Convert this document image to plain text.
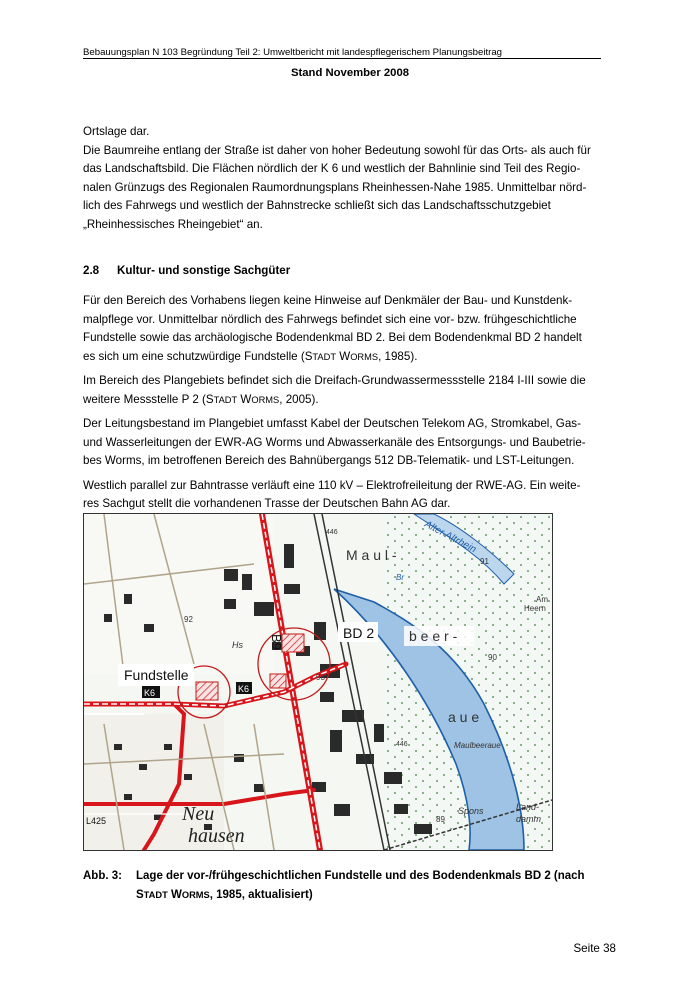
Bebauungsplan N 103 Begründung Teil 2: Umweltbericht mit landespflegerischem Planungsbeitrag
Stand November 2008
Ortslage dar.
Die Baumreihe entlang der Straße ist daher von hoher Bedeutung sowohl für das Orts- als auch für
das Landschaftsbild. Die Flächen nördlich der K 6 und westlich der Bahnlinie sind Teil des Regio-
nalen Grünzugs des Regionalen Raumordnungsplans Rheinhessen-Nahe 1985. Unmittelbar nörd-
lich des Fahrwegs und westlich der Bahnstrecke schließt sich das Landschaftsschutzgebiet
„Rheinhessisches Rheingebiet“ an.
2.8 Kultur- und sonstige Sachgüter
Für den Bereich des Vorhabens liegen keine Hinweise auf Denkmäler der Bau- und Kunstdenk-
malpflege vor. Unmittelbar nördlich des Fahrwegs befindet sich eine vor- bzw. frühgeschichtliche
Fundstelle sowie das archäologische Bodendenkmal BD 2. Bei dem Bodendenkmal BD 2 handelt
es sich um eine schutzwürdige Fundstelle (STADT WORMS, 1985).
Im Bereich des Plangebiets befindet sich die Dreifach-Grundwassermessstelle 2184 I-III sowie die
weitere Messstelle P 2 (STADT WORMS, 2005).
Der Leitungsbestand im Plangebiet umfasst Kabel der Deutschen Telekom AG, Stromkabel, Gas-
und Wasserleitungen der EWR-AG Worms und Abwasserkanäle des Entsorgungs- und Baubetrie-
bes Worms, im betroffenen Bereich des Bahnübergangs 512 DB-Telematik- und LST-Leitungen.
Westlich parallel zur Bahntrasse verläuft eine 110 kV – Elektrofreileitung der RWE-AG. Ein weite-
res Sachgut stellt die vorhandenen Trasse der Deutschen Bahn AG dar.
Fundstelle
BD 2
M a u l -
b e e r -
a u e
Neu
hausen
K6	K6
B9
L425
Hs
Alter Altrhein
Maulbeeraue
Spons	Land-
damm
Am
Heern
92
91
90
89
93
446
446
Br
Abb. 3: Lage der vor-/frühgeschichtlichen Fundstelle und des Bodendenkmals BD 2 (nach
STADT WORMS, 1985, aktualisiert)
Seite 38
